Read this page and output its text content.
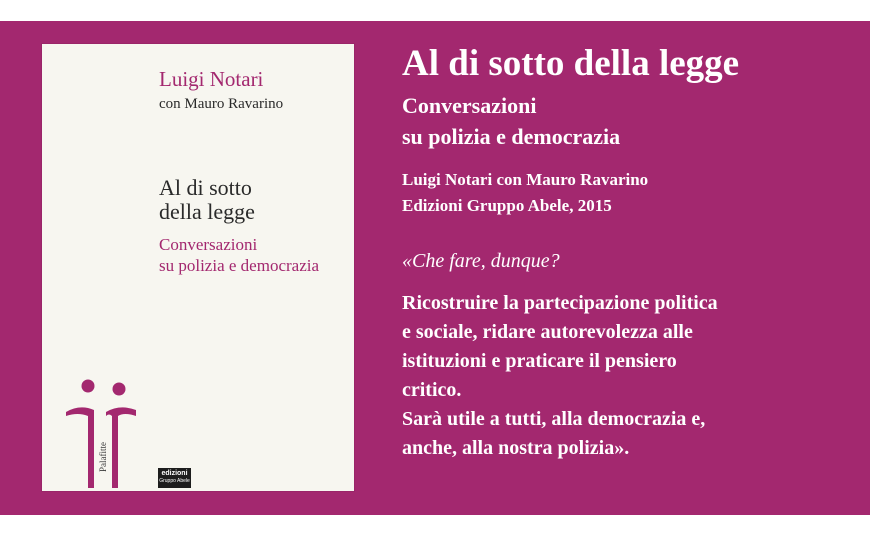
Luigi Notari
con Mauro Ravarino
Al di sotto
della legge
Conversazioni
su polizia e democrazia
Palafitte
edizioni
Gruppo Abele
Al di sotto della legge
Conversazioni
su polizia e democrazia
Luigi Notari con Mauro Ravarino
Edizioni Gruppo Abele, 2015
«Che fare, dunque?
Ricostruire la partecipazione politica
e sociale, ridare autorevolezza alle
istituzioni e praticare il pensiero
critico.
Sarà utile a tutti, alla democrazia e,
anche, alla nostra polizia».
